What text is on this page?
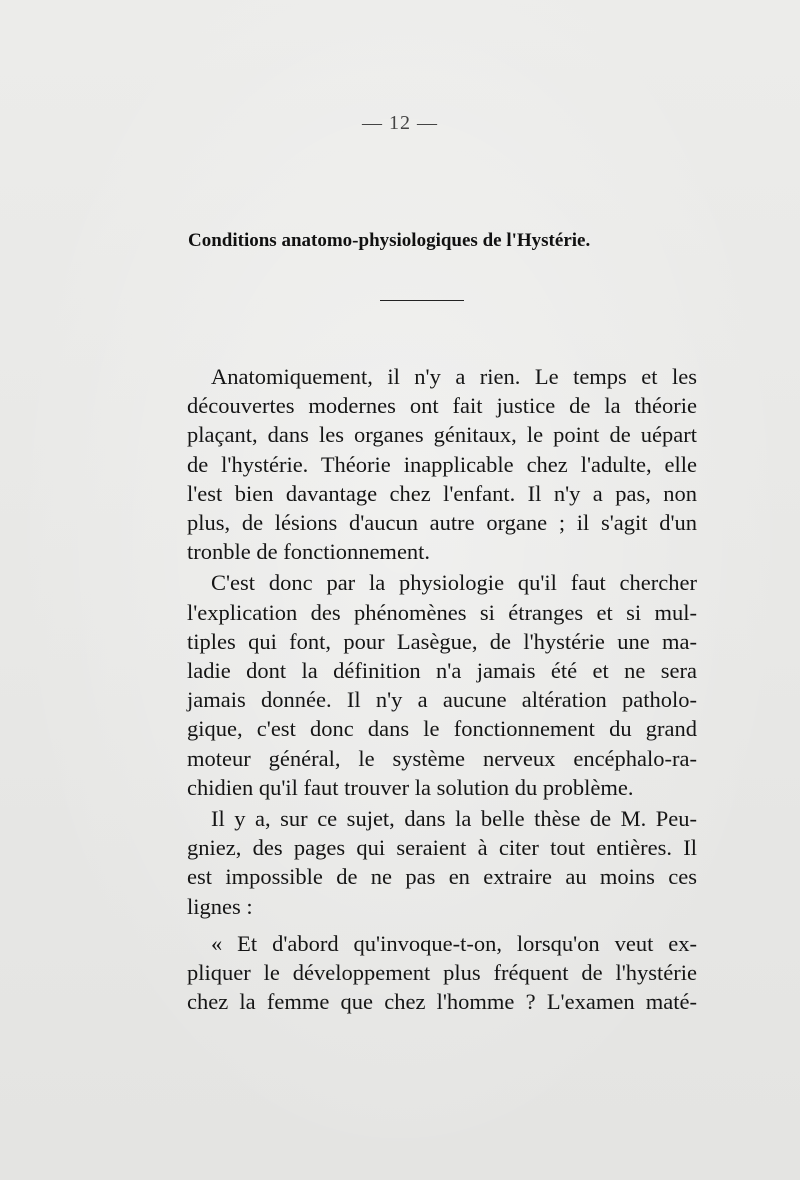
— 12 —
Conditions anatomo-physiologiques de l'Hystérie.
Anatomiquement, il n'y a rien. Le temps et les
découvertes modernes ont fait justice de la théorie
plaçant, dans les organes génitaux, le point de uépart
de l'hystérie. Théorie inapplicable chez l'adulte, elle
l'est bien davantage chez l'enfant. Il n'y a pas, non
plus, de lésions d'aucun autre organe ; il s'agit d'un
tronble de fonctionnement.
C'est donc par la physiologie qu'il faut chercher
l'explication des phénomènes si étranges et si mul-
tiples qui font, pour Lasègue, de l'hystérie une ma-
ladie dont la définition n'a jamais été et ne sera
jamais donnée. Il n'y a aucune altération patholo-
gique, c'est donc dans le fonctionnement du grand
moteur général, le système nerveux encéphalo-ra-
chidien qu'il faut trouver la solution du problème.
Il y a, sur ce sujet, dans la belle thèse de M. Peu-
gniez, des pages qui seraient à citer tout entières. Il
est impossible de ne pas en extraire au moins ces
lignes :
« Et d'abord qu'invoque-t-on, lorsqu'on veut ex-
pliquer le développement plus fréquent de l'hystérie
chez la femme que chez l'homme ? L'examen maté-
